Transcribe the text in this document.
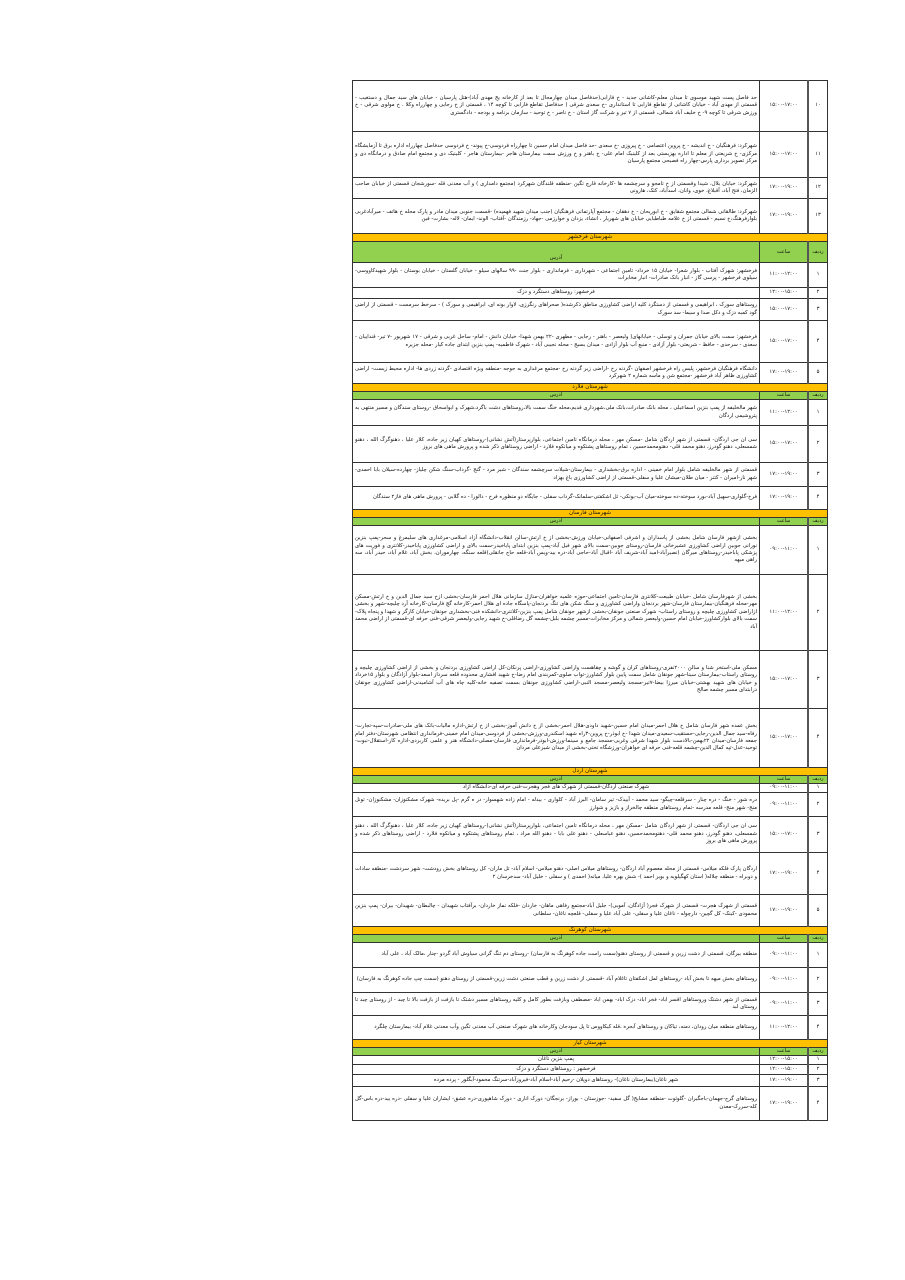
۱۰	۱۵:۰۰-۱۷:۰۰	حد فاصل پست شهید موسوی تا میدان معلم-کاشانی جدید - خ فارابی(حدفاصل میدان چهارمحال تا بعد از کارخانه یخ مهدی آباد)-هتل پارسیان - خیابان های سید جمال و دستغیب - قسمتی از مهدی آباد - خیابان کاشانی از تقاطع فارابی تا استانداری -خ سعدی شرقی ( حدفاصل تقاطع فارابی تا کوچه ۱۴ ، قسمتی از خ رجایی و چهارراه وکلا . خ مولوی شرقی - خ ورزش شرقی تا کوچه ۹- خ خلیف آباد شمالی، قسمتی از ۷ تیر و شرکت گاز استان - خ ناصر - خ توحید - سازمان برنامه و بودجه - دادگستری
۱۱	۱۵:۰۰-۱۷:۰۰	شهرکرد: فرهنگیان - خ اندیشه - خ پروین اعتصامی - خ پیروزی -خ سعدی -حد فاصل میدان امام حسین تا چهارراه فردوسی-خ پیوند- خ فردوسی حدفاصل چهارراه اداره برق تا آزمایشگاه مرکزی- خ شریعتی از معلم تا اداره بهزیستی بعد از کلینیک امام علی- خ باهنر و خ ورزش سمت بیمارستان هاجر -بیمارستان هاجر - کلینیک دی و مجتمع امام صادق و درمانگاه دی و مرکز تصویر برداری پارس-چهار راه فصیحی مجتمع پارسیان
۱۲	۱۷:۰۰-۱۹:۰۰	شهرکرد: خیابان بلال، شیدا وقسمتی از خ تامجو و سرچشمه ها -کارخانه قارچ تگین -منطقه قلندگان شهرکرد (مجتمع دامداری ) و آب معدنی قله -سورشجان قسمتی از خیابان صاحب الزمان، فتح آباد، آقبلاغ، خوی، وانان، اسدآباد، کتک، هارونی
۱۳	۱۷:۰۰-۱۹:۰۰	شهرکرد: طالقانی شمالی مجتمع شقایق - خ ابوریحان - خ دهقان - مجتمع آپارتمانی فرهنگیان (جنب میدان شهید فهمیده) -قسمت جنوبی میدان مادر و پارک محله خ هاتف - میرآبادغربی بلوارفرهنگ،خ نسیم - قسمتی از خ علامه طباطبایی خیابان های شهریار ، انشاء، یزدان و خوارزمی -جهاد- رزمندگان -آفتاب- الوند- ایمان- لاله- بشارت- فین
شهرستان فرخشهر		
ردیف	ساعت	آدرس
۱	۱۱:۰۰-۱۲:۰۰	فرخشهر: شهرک آفتاب - بلوار شعرا- خیابان ۱۵ خرداد- تامین اجتماعی - شهرداری - فرمانداری - بلوار جنت -۹۹ سالهای سیلو - خیابان گلستان - خیابان بوستان - بلوار شهیدکاووسی- سیلوی فرخشهر - پرسی گاز - انبار بانک صادرات- انبار مخابرات
۲	۱۲:۰۰-۱۵:۰۰	فرخشهر: روستاهای دستگرد و دزک
۳	۱۵:۰۰-۱۷:۰۰	روستاهای سورک ، ابراهیمی و قسمتی از دستگرد کلیه اراضی کشاورزی مناطق ذکرشده( صحراهای رنگرزی، لاوار بونه ای، ابراهیمی و سورک ) - سرخط سرمست - قسمتی از اراضی گود کمبه دزک و دکل صدا و سیما- سد سورک
۴	۱۵:۰۰-۱۷:۰۰	فرخشهر: سمت بالای خیابان جمران و توسلی - خیابانهای( ولیعصر - باهنر - رجایی - مطهری -۲۲ بهمن شهدا- خیابان دانش - امام- ساحل غربی و شرقی - ۱۷ شهریور -۷ تیر- قنداییان - سعدی - سرحدی - حافظ - شریعتی- بلوار آزادی - منبع آب بلوار آزادی - میدان بسیج - محله نجیبی آباد - شهرک فاطمیه- پمپ بنزین ابتدای جاده کیار -محله جزیره
۵	۱۷:۰۰-۱۹:۰۰	دانشگاه فرهنگیان فرخشهر، پلیس راه فرخشهر اصفهان -گردنه رخ -اراضی زیر گردنه رخ -مجتمع مرغداری به جوجه -منطقه ویژه اقتصادی -گردنه زردی ها- اداره محیط زیست- اراضی کشاورزی ظاهر آباد فرخشهر -مجتمع شن و ماسه شماره ۲ شهرکرد
شهرستان فلارد		
ردیف	ساعت	آدرس
۱	۱۱:۰۰-۱۲:۰۰	شهر مالخلیفه از پمپ بنزین اسماعیلی ، محله بانک صادرات،بانک ملی،شهرداری قدیم،محله خنگ سمت بالا،روستاهای دشت باگرد،شهرک و ابواسحاق -روستای سندگان و مسیر منتهی به پتروشیمی اردگان
۲	۱۵:۰۰-۱۷:۰۰	سی ان جی اردگان- قسمتی از شهر اردگان شامل -مسکن مهر ، محله درمانگاه تامین اجتماعی، بلوارپرستار(آتش نشانی)-روستاهای کهیان زیر جاده، کلار علیا ، دهنوگرگ الله ، دهنو شمسعلی، دهنو گودرز، دهنو محمد قلی- دهنومحمدحسین ، تمام روستاهای پشتکوه و میانکوه فلارد - اراضی روستاهای ذکر شده و پرورش ماهی های بروز
۳	۱۷:۰۰-۱۹:۰۰	قسمتی از شهر مالخلیفه شامل بلوار امام خمینی - اداره برق-بخشداری - بیمارستان-شیلات سرچشمه سندگان - شیر مرد - گنج -گرداب-سنگ شکن چلیاز- چهارده-سیلان بابا احمدی-شهر نار-امیران - کتنر - میان طلان-میشان علیا و سفلی-قسمتی از اراضی کشاورزی باغ بهزاد
۴	۱۷:۰۰-۱۹:۰۰	فرخ-گلواری-سهیل آباد-بورد سوخته-ده سوخته-میان آب-بونکی- تل اشکفتی-سلمانک-گرداب سفلی - جایگاه دو منظوره فرخ - دالورا - ده گلابی - پرورش ماهی های فاز۲ سندگان
شهرستان فارسان		
ردیف	ساعت	آدرس
۱	۰۹:۰۰-۱۱:۰۰	بخشی ازشهر فارسان شامل بخشی از پاسداران و اشرفی اصفهانی-خیابان ورزش-بخشی از خ ارتش-سالن انقلاب-دانشگاه آزاد اسلامی-مرغداری های سلیمرغ و سحر-پمپ بنزین نورانی جوبین اراضی کشاورزی عشیرخانی فارسان-روستای جوبین-سمت بالای شهر فیل آباد-پمپ بنزین ابتدای پاباخیدر-سمت بالای و اراضی کشاورزی پاباخیدر-کلانتری و فوریت های پزشکی پاباخیدر-روستاهای میرگان (نصیرآباد-امید آباد-شریف آباد -اقبال آباد-حاجی آباد-دره بید-ویس آباد-قلعه حاج جانقلی)قلعه سنگه، چهارموران، بخش آباد، غلام آباد، حیدر آباد، سه راهی میهه
۲	۱۱:۰۰-۱۲:۰۰	بخشی از شهرفارسان شامل -خیابان طبیعت-کلانتری فارسان-تامین اجتماعی-حوزه علمیه خواهران-منازل سازمانی هلال احمر فارسان-بخشی ازخ سید جمال الدین و خ ارتش-مسکن مهر-محله فرهنگیان-بیمارستان فارسان-شهر بردنجان واراضی کشاورزی و سنگ شکن های تنگ بردنجان-پاسگاه جاده ای هلال احمر-کارخانه گچ فارسان-کارخانه آرد چلیچه-شهر و بخشی ازاراضی کشاورزی چلیچه و روستای راستاب- شهرک صنعتی جونقان-بخشی ازشهر جونقان شامل پمپ بنزین-کلانتری-دانشکده فنی-بخشداری جونقان-خیابان کارگر و شهدا و پنجاه پلاک-سمت بالای بلوارکشاورز-خیابان امام حسین-ولیعصر شمالی و مرکز مخابرات-مسیر چشمه بلبل-چشمه گل رضاقلی-خ شهید رجایی-ولیعصر شرقی-فنی حرفه ای-قسمتی از اراضی محمد آباد
۳	۱۵:۰۰-۱۷:۰۰	مسکن ملی-استخر شنا و سالن ۲۰۰۰نفری-روستاهای کران و گوشه و چقاهست واراضی کشاورزی-اراضی پرنکان-کل اراضی کشاورزی بردنجان و بخشی از اراضی کشاورزی چلیچه و روستای راستاب-بیمارستان سینا-شهر جونقان شامل سمت پایین بلوار کشاورز-تواب صلوی-کمربندی امام رضا-خ شهید افشاری محدوده قلعه سرداز اسعد-بلوار آزادگان و بلوار ۱۵خرداد و خیابان های شهید بهشتی-خیابان میرزا بیضا-۷تیر-مسجد ولیعصر-مسجد النبی-اراضی کشاورزی جونقان بسمت تصفیه خانه-کلیه چاه های آب آشامیدنی-اراضی کشاورزی جونقان درابتدای مسیر چشمه صالح
۴	۱۵:۰۰-۱۷:۰۰	بخش عمده شهر فارسان شامل خ هلال احمر-میدان امام حسین-شهید داودی-هلال احمر-بخشی از خ دانش آموز-بخشی از خ ارتش-اداره مالیات-بانک های ملی-صادرات-سپه-تجارت-رفاه-سید جمال الدین-رجایی-حستقیب-سعیدی-میدان شهدا -خ ابوذر-خ پروین-۳راه شهید اسکندری-ورزش-بخشی از فردوسی-میدان امام خمینی-فرمانداری انتظامی شهرستان-دفتر امام جمعه فارسان-میدان ۲۲بهمن-بالادست بلوار شهدا شرقی وغربی-مسجد جامع و سینما-ورزش-ابوذر-فرمانداری فارسان-مصلی-دانشگاه هنر و علمی کاربردی-اداره کار-استقلال-نبوت-توحید-عدل-تپه کمال الدین-چشمه قلعه-فنی حرفه ای خواهران-ورزشگاه تختی-بخشی از میدان شیرعلی مردان
شهرستان اردل		
ردیف	ساعت	آدرس
۱	۰۹:۰۰-۱۱:۰۰	شهرک صنعتی اردگان-قسمتی از شهرک های فجر وهجرت-فنی حرفه ای-دانشگاه آزاد
۲	۰۹:۰۰-۱۱:۰۰	دره شور - خنگ - دره چنار - سرقلعه-چیگو- سید محمد - آییدک- تیر سامان- البرز آباد - کلواری - بیدله - امام زاده شهسوار- در ه گرم -پل بریده- شهرک مشکنوزان- مشکنوزان- تونل منج- شهر منج- قلعه مدرسه -تمام روستاهای منطقه چالخراز و بازیز و شوارز
۳	۱۵:۰۰-۱۷:۰۰	سی ان جی اردگان- قسمتی از شهر اردگان شامل -مسکن مهر ، محله درمانگاه تامین اجتماعی، بلوارپرستار(آتش نشانی)-روستاهای کهیان زیر جاده، کلار علیا ، دهنوگرگ الله ، دهنو شمسعلی، دهنو گودرز، دهنو محمد قلی- دهنومحمدحسین، دهنو عباسعلی - دهنو علی بابا - دهنو الله مراد ، تمام روستاهای پشتکوه و میانکوه فلارد - اراضی روستاهای ذکر شده و پرورش ماهی های بروز
۴	۱۷:۰۰-۱۹:۰۰	اردگان پارک فلکه میلاس- قسمتی از محله معصوم آباد اردگان- روستاهای میلاس اصلی- دهنو میلاس- اسلام آباد- تل ماران- کل روستاهای بخش رودشت- شهر سردشت -منطقه سادات و دوبراه - منطقه چلاله( استان کهگیلویه و بویر احمد )- شش بهره علیا، میانه( احمدی ) و سفلی - خلیل آباد- سدخرسان ۲
۵	۱۷:۰۰-۱۹:۰۰	قسمتی از شهرک هجرت- قسمتی از شهرک فجر( آزادگان، آموبی)- جلیل آباد-مجتمع رفاهی ماهان- خاردان -فلکه نماز خاردان- برآفتاب شهیدان - چالبطان- شهیدان- بیران- پمپ بنزین محمودی -کینک- کل گچین- دارچوله - ناغان علیا و سفلی- علی آباد علیا و سفلی- قلعچه ناغان- سلطانی
شهرستان کوهرنگ		
ردیف	ساعت	آدرس
۱	۰۹:۰۰-۱۱:۰۰	منطقه بیرگان، قسمتی از دشت زرین و قسمتی از روستای دهنو(سمت راست جاده کوهرنگ به فارسان) -روستای دم تنگ گرانی سیاوش آباد گردو -چنار ،مالک آباد ، علی آباد
۲	۰۹:۰۰-۱۱:۰۰	روستاهای بخش میهه تا بخش آباد -روستاهای لمل اشکفتان تاغلام آباد -قسمتی از دشت زرین و قطب صنعتی دشت زرین-قسمتی از روستای دهنو (سمت چپ جاده کوهرنگ به فارسان)
۳	۰۹:۰۰-۱۱:۰۰	قسمتی از شهر دشتک وروستاهای اقسر اباد- فخر اباد- دزک اباد- بهمن اباد -مصطفی وبازفت بطور کامل و کلیه روستاهای مسیر دشتک تا بازفت از بازفت بالا تا چبد - از روستای چبد تا روستای لبد
۴	۱۱:۰۰-۱۲:۰۰	روستاهای منطقه میان رودان، دمنه، تیاکان و روستاهای آبحره ،قله کیکاووس تا پل سودجان وکارخانه های شهرک صنعتی آب معدنی تگین وآب معدنی غلام آباد- بیمارستان چلگرد
شهرستان کیار		
ردیف	ساعت	آدرس
۱	۱۲:۰۰-۱۵:۰۰	پمپ بنزین ناغان
۲	۱۲:۰۰-۱۵:۰۰	فرخشهر : روستاهای دستگرد و دزک
۳	۱۷:۰۰-۱۹:۰۰	شهر ناغان(بیمارستان ناغان)- روستاهای دوپلان -رحیم آباد-اسلام آباد-فیروزآباد-سرتنگ محمود-آبگلور - پرده مرده
۴	۱۷:۰۰-۱۹:۰۰	روستاهای گرج-جهمان-باجگیران -گلوئوت -منطقه مشایخ( گل سفید- -جوزستان - بوراز- برنجگان- دورک اناری - دورک شاهپوری-دره عشق- ایشاران علیا و سفلی -دره بید-دره باس-گل کله-سررک-معدن
